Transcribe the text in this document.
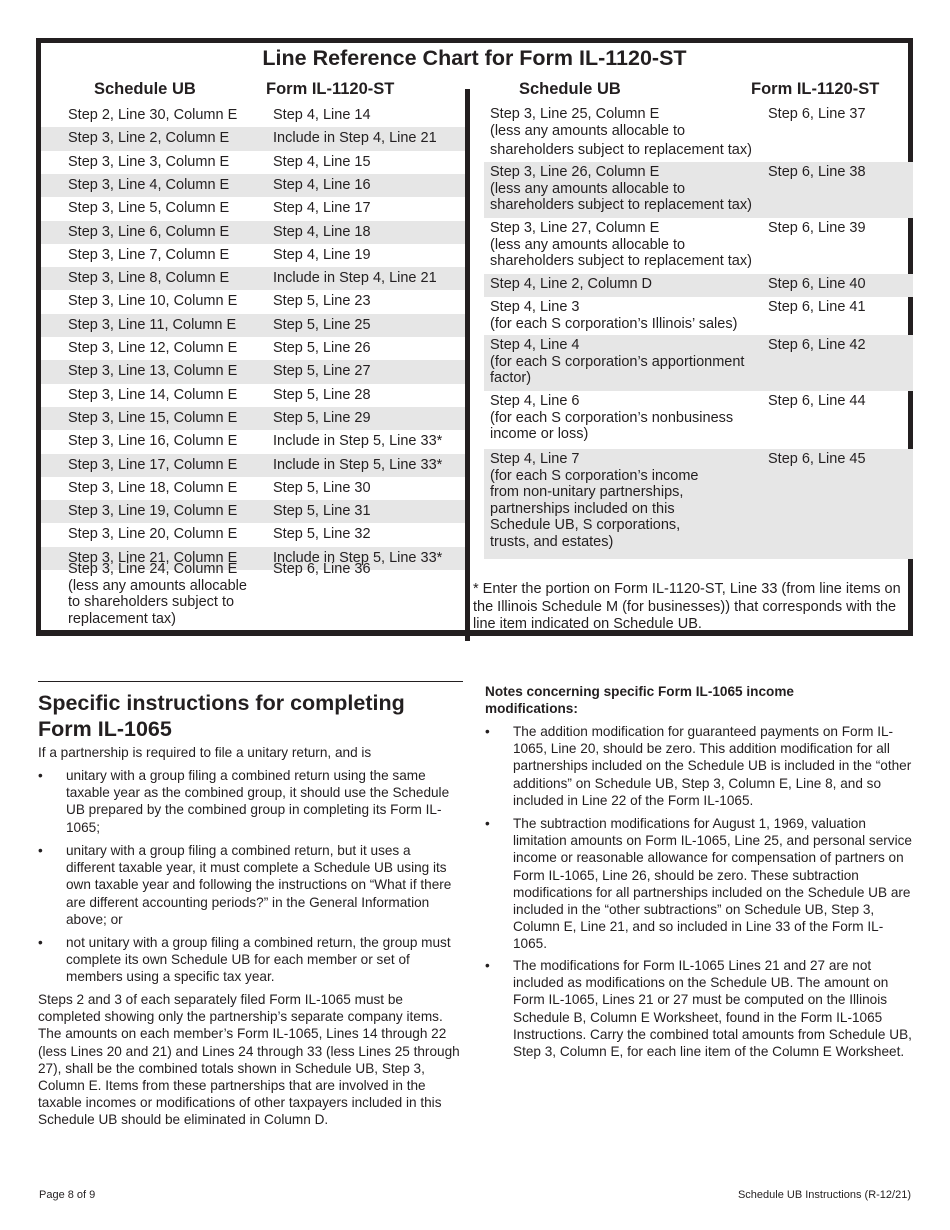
Line Reference Chart for Form IL-1120-ST
Schedule UB	Form IL-1120-ST	Schedule UB	Form IL-1120-ST
Step 2, Line 30, Column E Step 4, Line 14
Step 3, Line 2, Column E	Include in Step 4, Line 21
Step 3, Line 3, Column E	Step 4, Line 15
Step 3, Line 4, Column E	Step 4, Line 16
Step 3, Line 5, Column E	Step 4, Line 17
Step 3, Line 6, Column E	Step 4, Line 18
Step 3, Line 7, Column E	Step 4, Line 19
Step 3, Line 8, Column E	Include in Step 4, Line 21
Step 3, Line 10, Column E Step 5, Line 23
Step 3, Line 11, Column E	Step 5, Line 25
Step 3, Line 12, Column E Step 5, Line 26
Step 3, Line 13, Column E Step 5, Line 27
Step 3, Line 14, Column E Step 5, Line 28
Step 3, Line 15, Column E Step 5, Line 29
Step 3, Line 16, Column E Include in Step 5, Line 33*
Step 3, Line 17, Column E Include in Step 5, Line 33*
Step 3, Line 18, Column E Step 5, Line 30
Step 3, Line 19, Column E Step 5, Line 31
Step 3, Line 20, Column E Step 5, Line 32
Step 3, Line 21, Column E Include in Step 5, Line 33*
Step 3, Line 24, Column E
(less any amounts allocable
to shareholders subject to
replacement tax)
Step 6, Line 36
Step 3, Line 25, Column E
(less any amounts allocable to
shareholders subject to replacement tax)
Step 6, Line 37
Step 3, Line 26, Column E
(less any amounts allocable to
shareholders subject to replacement tax)
Step 6, Line 38
Step 3, Line 27, Column E
(less any amounts allocable to
shareholders subject to replacement tax)
Step 6, Line 39
Step 4, Line 2, Column D	Step 6, Line 40
Step 4, Line 3
(for each S corporation’s Illinois’ sales)
Step 6, Line 41
Step 4, Line 4
(for each S corporation’s apportionment
factor)
Step 6, Line 42
Step 4, Line 6
(for each S corporation’s nonbusiness
income or loss)
Step 6, Line 44
Step 4, Line 7
(for each S corporation’s income
from non-unitary partnerships,
partnerships included on this
Schedule UB, S corporations,
trusts, and estates)
Step 6, Line 45
* Enter the portion on Form IL-1120-ST, Line 33 (from line items on the Illinois Schedule M (for businesses)) that corresponds with the line item indicated on Schedule UB.
Specific instructions for completing Form IL-1065
If a partnership is required to file a unitary return, and is
• unitary with a group filing a combined return using the same taxable year as the combined group, it should use the Schedule UB prepared by the combined group in completing its Form IL-1065;
• unitary with a group filing a combined return, but it uses a different taxable year, it must complete a Schedule UB using its own taxable year and following the instructions on “What if there are different accounting periods?” in the General Information above; or
• not unitary with a group filing a combined return, the group must complete its own Schedule UB for each member or set of members using a specific tax year.
Steps 2 and 3 of each separately filed Form IL-1065 must be completed showing only the partnership’s separate company items. The amounts on each member’s Form IL-1065, Lines 14 through 22 (less Lines 20 and 21) and Lines 24 through 33 (less Lines 25 through 27), shall be the combined totals shown in Schedule UB, Step 3, Column E. Items from these partnerships that are involved in the taxable incomes or modifications of other taxpayers included in this Schedule UB should be eliminated in Column D.
Notes concerning specific Form IL-1065 income modifications:
• The addition modification for guaranteed payments on Form IL-1065, Line 20, should be zero. This addition modification for all partnerships included on the Schedule UB is included in the “other additions” on Schedule UB, Step 3, Column E, Line 8, and so included in Line 22 of the Form IL-1065.
• The subtraction modifications for August 1, 1969, valuation limitation amounts on Form IL-1065, Line 25, and personal service income or reasonable allowance for compensation of partners on Form IL-1065, Line 26, should be zero. These subtraction modifications for all partnerships included on the Schedule UB are included in the “other subtractions” on Schedule UB, Step 3, Column E, Line 21, and so included in Line 33 of the Form IL-1065.
• The modifications for Form IL-1065 Lines 21 and 27 are not included as modifications on the Schedule UB. The amount on Form IL-1065, Lines 21 or 27 must be computed on the Illinois Schedule B, Column E Worksheet, found in the Form IL-1065 Instructions. Carry the combined total amounts from Schedule UB, Step 3, Column E, for each line item of the Column E Worksheet.
Page 8 of 9	Schedule UB Instructions (R-12/21)
